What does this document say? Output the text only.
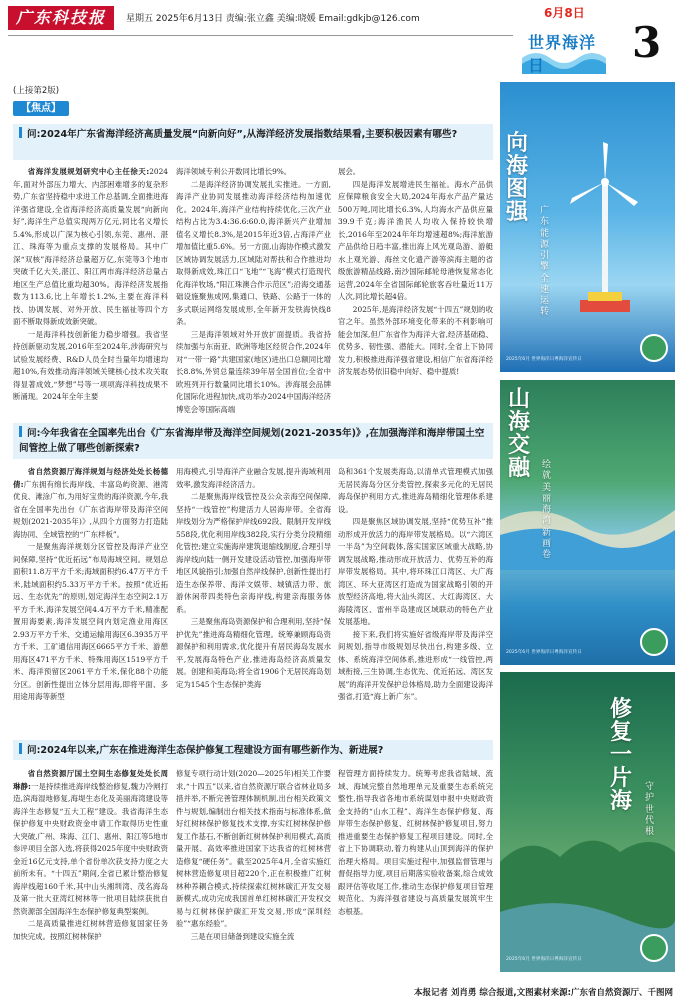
广东科技报	星期五 2025年6月13日 责编:张立鑫 美编:晓媛 Email:gdkjb@126.com	6月8日
世界海洋日	3
(上接第2版)
【焦点】
问:2024年广东省海洋经济高质量发展“向新向好”,从海洋经济发展指数结果看,主要积极因素有哪些?

省海洋发展规划研究中心主任徐天:2024年,面对外部压力增大、内部困难增多的复杂形势,广东省坚持稳中求进工作总基调,全面推进海洋强省建设,全省海洋经济高质量发展“向新向好”,海洋生产总值实现两万亿元,同比名义增长5.4%,形成以广深为核心引领,东莞、惠州、湛江、珠海等为重点支撑的发展格局。其中广深“双核”海洋经济总量超万亿,东莞等3个地市突破千亿大关,湛江、阳江两市海洋经济总量占地区生产总值比重均超30%。海洋经济发展指数为113.6,比上年增长1.2%,主要在海洋科技、协调发展、对外开放、民生福祉等四个方面不断取得新成效新突破。

一是海洋科技创新能力稳步增强。我省坚持创新驱动发展,2016年至2024年,涉海研究与试验发展经费、R&D人员全时当量年均增速均超10%,有效推动海洋领域关键核心技术攻关取得显著成效,“梦想”号等一项项海洋科技成果不断涌现。2024年全年主要

海洋领域专利公开数同比增长9%。

二是海洋经济协调发展扎实推进。一方面,海洋产业协同发展推动海洋经济结构加速优化。2024年,海洋产业结构持续优化,三次产业结构占比为3.4:36.6:60.0,海洋新兴产业增加值名义增长8.3%,是2015年近3倍,占海洋产业增加值比重5.6%。另一方面,山海协作模式激发区域协调发展活力,区域陆对帮扶和合作推进均取得新成效,珠江口“飞地”“飞海”模式打造现代化海洋牧场,“阳江珠澳合作示范区”;沿海交通基础设施聚焦成网,集通口、铁路、公路于一体的多式联运网络发展成形,全年新开发铁海快线8条。

三是海洋领域对外开放扩面提质。我省持续加强与东南亚、欧洲等地区经贸合作,2024年对“一带一路”共建国家(地区)进出口总额同比增长8.8%,外贸总量连续39年居全国首位;全省中欧班列开行数量同比增长10%。涉海展会品牌化国际化进程加快,成功举办2024中国海洋经济博览会等国际高端

展会。

四是海洋发展增进民生福祉。海水产品供应保障粮食安全大局,2024年海水产品产量达500万吨,同比增长6.3%,人均海水产品供应量39.9千克;海洋渔民人均收入保持较快增长,2016年至2024年年均增速超8%;海洋旅游产品供给日趋丰富,推出海上风光观岛游、游艇水上观光游、海丝文化遗产游等滨海主题的省级旅游精品线路,南沙国际邮轮母港恢复常态化运营,2024年全省国际邮轮旅客吞吐量近11万人次,同比增长超4倍。

2025年,是海洋经济发展“十四五”规划的收官之年。虽然外部环境变化带来的不利影响可能会加深,但广东省作为海洋大省,经济基础稳、优势多、韧性强、潜能大。同时,全省上下协同发力,积极推进海洋强省建设,相信广东省海洋经济发展态势依旧稳中向好、稳中提质!

问:今年我省在全国率先出台《广东省海岸带及海洋空间规划(2021-2035年)》,在加强海洋和海岸带国土空间管控上做了哪些创新探索?

省自然资源厅海洋规划与经济处处长杨德倩:广东拥有绵长海岸线、丰富岛屿资源、港湾优良、滩涂广布,为用好宝贵的海洋资源,今年,我省在全国率先出台《广东省海岸带及海洋空间规划(2021-2035年)》,从四个方面努力打造陆海协同、全域管控的“广东样板”。

一是聚焦海洋规划分区管控及海洋产业空间保障,坚持“优近拓远”布局海域空间。规划总面积11.8万平方千米;海域面积约6.47万平方千米,陆域面积约5.33万平方千米。按照“优近拓远、生态优先”的原则,划定海洋生态空间2.1万平方千米,海洋发展空间4.4万平方千米,精准配置用海要素,海洋发展空间内划定渔业用海区2.93万平方千米、交通运输用海区6.3935万平方千米、工矿通信用海区6665平方千米、游憩用海区471平方千米、特殊用海区1519平方千米、海洋预留区2061平方千米,保化88个功能分区。创新性提出立体分层用海,即将平面、多用途用海等新型

用海模式,引导海洋产业融合发展,提升海域利用效率,激发海洋经济活力。

二是聚焦海岸线管控及公众亲海空间保障,坚持“一线管控”构建活力人居海岸带。全省海岸线划分为严格保护岸线692段、限制开发岸线558段,优化利用岸线382段,实行分类分段精细化管控;建立实施海岸建筑退缩线制度,合理引导海岸线向陆一侧开发建设活动管控,加强海岸带地区风貌指引;加强自然岸线保护,创新性提出打造生态保养带、海洋文娱带、城镇活力带、旅游休闲带四类特色亲海岸线,构建亲海服务体系。

三是聚焦海岛资源保护和合理利用,坚持“保护优先”推进海岛精细化管理。统筹兼顾海岛资源保护和利用需求,优化提升有居民海岛发展水平,发展海岛特色产业,推进海岛经济高质量发展。创建和美海岛;将全省1906个无居民海岛划定为1545个生态保护类海

岛和361个发展类海岛,以清单式管理模式加强无居民海岛分区分类管控,探索多元化的无居民海岛保护利用方式,推进海岛精细化管理体系建设。

四是聚焦区域协调发展,坚持“优势互补”推动形成开放活力的海岸带发展格局。以“六湾区一半岛”为空间载体,落实国家区域重大战略,协调发展战略,推动形成开放活力、优势互补的海岸带发展格局。其中,将环珠江口湾区、大广海湾区、环大亚湾区打造成为国家战略引领的开放型经济高地,将大汕头湾区、大红海湾区、大海陵湾区、雷州半岛建成区域联动的特色产业发展基地。

接下来,我们将实施好省级海岸带及海洋空间规划,指导市级规划尽快出台,构建多级、立体、系统海洋空间体系,推进形成“一线管控,两域衔接,三生协调,生态优先、优近拓远、湾区发展”的海洋开发保护总体格局,助力全面建设海洋强省,打造“海上新广东”。

问:2024年以来,广东在推进海洋生态保护修复工程建设方面有哪些新作为、新进展?

省自然资源厅国土空间生态修复处处长周琳静:一是持续推进海岸线整治修复,魏力冷闸打造,滨海湿地修复,海堤生态化及美丽海湾建设等海洋生态修复“五大工程”建设。我省海洋生态保护修复中央财政资金申请工作取得历史性重大突破,广州、珠海、江门、惠州、阳江等5地市参评项目全部入选,将获得2025年度中央财政资金近16亿元支持,单个省份单次获支持力度之大前所未有。“十四五”期间,全省已累计整治修复海岸线超160千米,其中山头湘圳湾、茂名海岛及第一批大亚湾红树林等一批项目陆续获批自然资源部全国海洋生态保护修复典型案例。

二是高质量推进红树林营造修复国家任务加快完成。按照红树林保护

修复专项行动计划(2020—2025年)相关工作要求,“十四五”以来,省自然资源厅联合省林业局多措并举,不断完善管理体制机制,出台相关政策文件与规划,编制出台相关技术指南与标准体系,做好红树林保护修复技术支撑,夯实红树林保护修复工作基石,不断创新红树林保护利用模式,高质量开展、高效率推进国家下达我省的红树林营造修复“硬任务”。截至2025年4月,全省实施红树林营造修复项目超220个,正在积极推广红树林种养耦合模式,持续探索红树林碳汇开发交易新模式,成功完成我国首单红树林碳汇开发权交易与红树林保护碳汇开发交易,形成“深圳经验”“惠东经验”。

三是在项目储备到建设实施全流

程管理方面持续发力。统筹考虑我省陆域、流域、海域完整自然地理单元及重要生态系统完整性,指导我省各地市系统谋划申报中央财政资金支持的“山水工程”、海洋生态保护修复、海岸带生态保护修复、红树林保护修复项目,努力推进重要生态保护修复工程项目建设。同时,全省上下协调联动,着力构建从山顶到海洋的保护治理大格局。项目实施过程中,加强监督管理与督促指导力度,项目后期落实验收备案,综合成效跟评估等收尾工作,推动生态保护修复项目管理规范化、为海洋强省建设与高质量发展筑牢生态根基。

向海图强	广东能源引擎全速运转
2025年6月 世界海洋日粤海洋宣传日
山海交融	绘就美丽海湾新画卷
2025年6月 世界海洋日粤海洋宣传日
修复一片海
守护世代根
2025年6月 世界海洋日粤海洋宣传日
本报记者 刘肖勇 综合报道,文图素材来源:广东省自然资源厅、千图网
